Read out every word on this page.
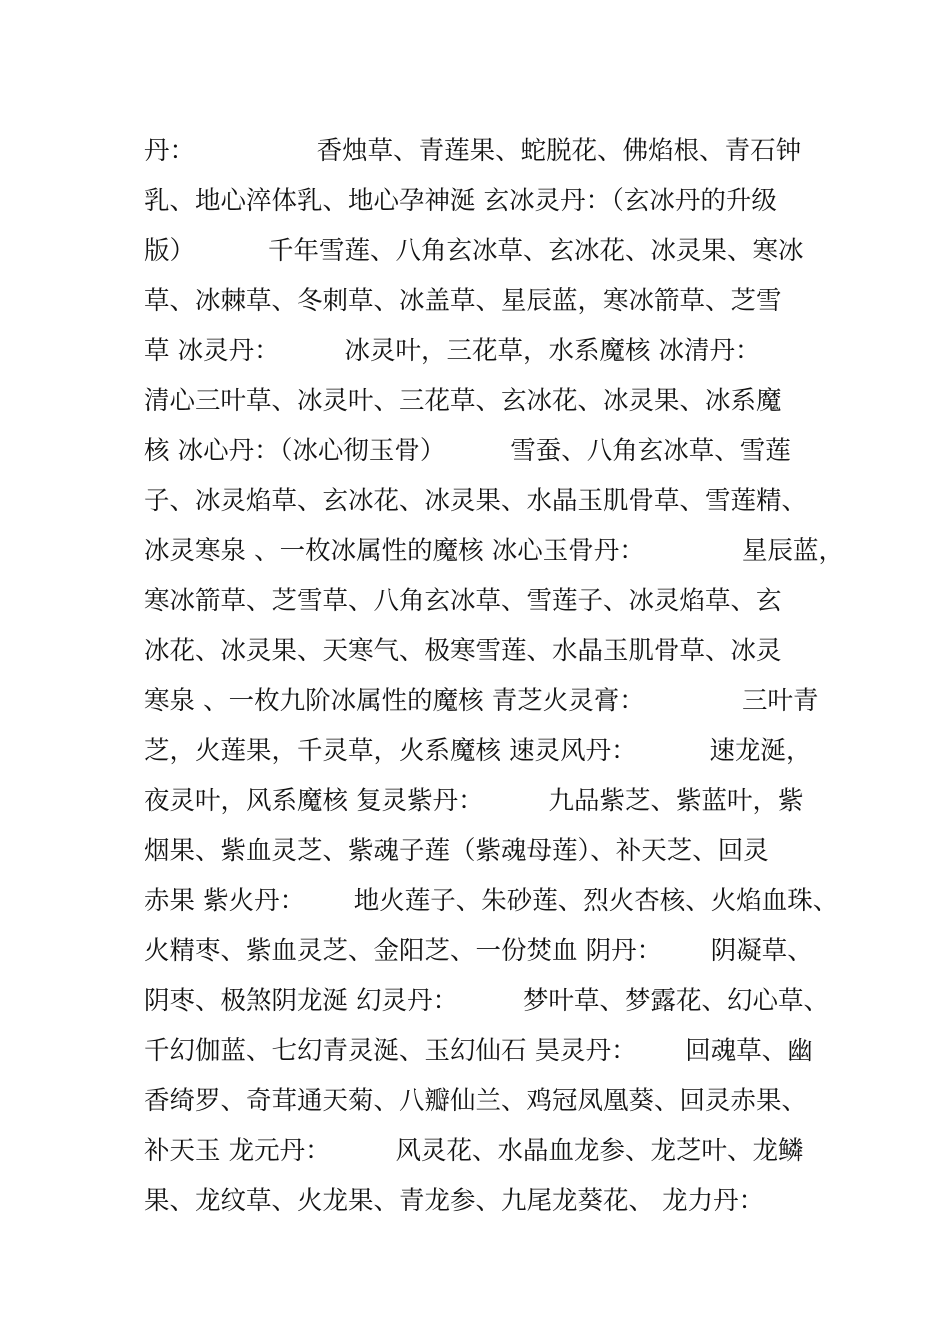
丹：               香烛草、青莲果、蛇脱花、佛焰根、青石钟
乳、地心淬体乳、地心孕神涎 玄冰灵丹：（玄冰丹的升级
版）         千年雪莲、八角玄冰草、玄冰花、冰灵果、寒冰
草、冰棘草、冬刺草、冰盖草、星辰蓝，寒冰箭草、芝雪
草 冰灵丹：        冰灵叶，三花草，水系魔核 冰清丹：
清心三叶草、冰灵叶、三花草、玄冰花、冰灵果、冰系魔
核 冰心丹：（冰心彻玉骨）        雪蚕、八角玄冰草、雪莲
子、冰灵焰草、玄冰花、冰灵果、水晶玉肌骨草、雪莲精、
冰灵寒泉 、一枚冰属性的魔核 冰心玉骨丹：            星辰蓝，
寒冰箭草、芝雪草、八角玄冰草、雪莲子、冰灵焰草、玄
冰花、冰灵果、天寒气、极寒雪莲、水晶玉肌骨草、冰灵
寒泉 、一枚九阶冰属性的魔核 青芝火灵膏：            三叶青
芝，火莲果，千灵草，火系魔核 速灵风丹：         速龙涎，
夜灵叶，风系魔核 复灵紫丹：        九品紫芝、紫蓝叶，紫
烟果、紫血灵芝、紫魂子莲（紫魂母莲）、补天芝、回灵
赤果 紫火丹：      地火莲子、朱砂莲、烈火杏核、火焰血珠、
火精枣、紫血灵芝、金阳芝、一份焚血 阴丹：      阴凝草、
阴枣、极煞阴龙涎 幻灵丹：        梦叶草、梦露花、幻心草、
千幻伽蓝、七幻青灵涎、玉幻仙石 昊灵丹：      回魂草、幽
香绮罗、奇茸通天菊、八瓣仙兰、鸡冠凤凰葵、回灵赤果、
补天玉 龙元丹：        风灵花、水晶血龙参、龙芝叶、龙鳞
果、龙纹草、火龙果、青龙参、九尾龙葵花、 龙力丹：
